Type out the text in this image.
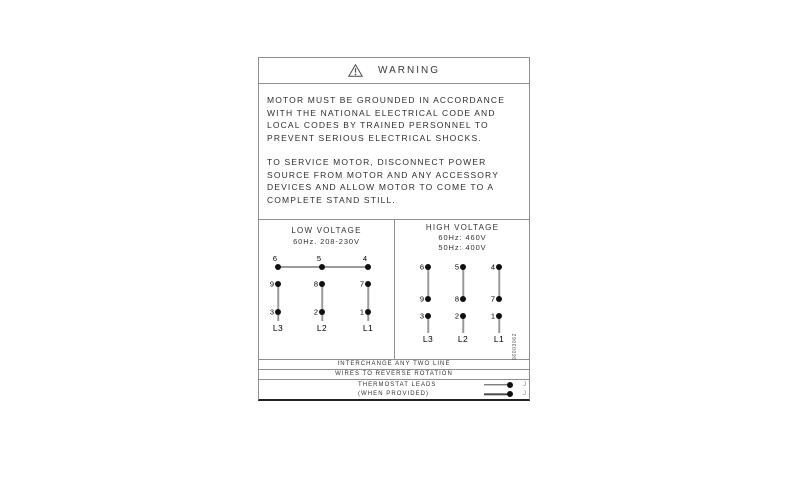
WARNING
MOTOR MUST BE GROUNDED IN ACCORDANCE
WITH THE NATIONAL ELECTRICAL CODE AND
LOCAL CODES BY TRAINED PERSONNEL TO
PREVENT SERIOUS ELECTRICAL SHOCKS.
TO SERVICE MOTOR, DISCONNECT POWER
SOURCE FROM MOTOR AND ANY ACCESSORY
DEVICES AND ALLOW MOTOR TO COME TO A
COMPLETE STAND STILL.
LOW VOLTAGE
60Hz. 208-230V
HIGH VOLTAGE
60Hz: 460V
50Hz: 400V
6	5	4
9	8	7
3	2	1
L3	L2	L1
6	5	4
9	8	7
3	2	1
L3	L2	L1 96003062
INTERCHANGE ANY TWO LINE
WIRES TO REVERSE ROTATION
THERMOSTAT LEADS	J
(WHEN PROVIDED)	J
